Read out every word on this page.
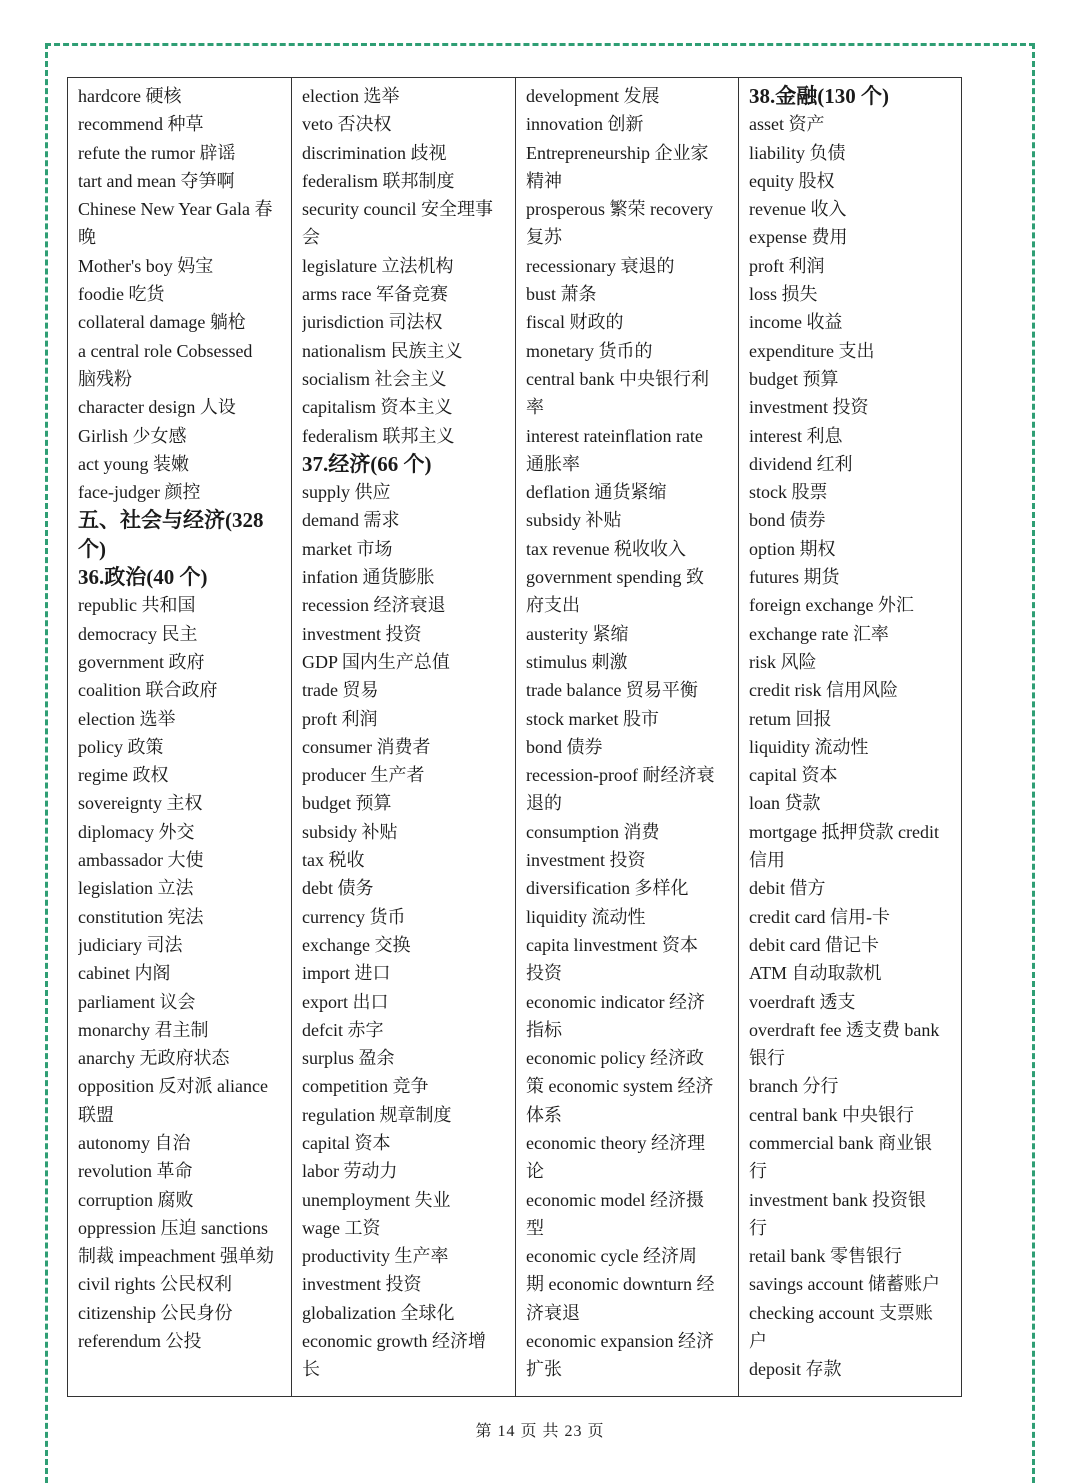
hardcore 硬核
recommend 种草
refute the rumor 辟谣
tart and mean 夺笋啊
Chinese New Year Gala 春
晚
Mother's boy 妈宝
foodie 吃货
collateral damage 躺枪
a central role Cobsessed
脑残粉
character design 人设
Girlish 少女感
act young 装嫩
face-judger 颜控
五、社会与经济(328
个)
36.政治(40 个)
republic 共和国
democracy 民主
government 政府
coalition 联合政府
election 选举
policy 政策
regime 政权
sovereignty 主权
diplomacy 外交
ambassador 大使
legislation 立法
constitution 宪法
judiciary 司法
cabinet 内阁
parliament 议会
monarchy 君主制
anarchy 无政府状态
opposition 反对派 aliance
联盟
autonomy 自治
revolution 革命
corruption 腐败
oppression 压迫 sanctions
制裁 impeachment 强单劾
civil rights 公民权利
citizenship 公民身份
referendum 公投
election 选举
veto 否决权
discrimination 歧视
federalism 联邦制度
security council 安全理事
会
legislature 立法机构
arms race 军备竞赛
jurisdiction 司法权
nationalism 民族主义
socialism 社会主义
capitalism 资本主义
federalism 联邦主义
37.经济(66 个)
supply 供应
demand 需求
market 市场
infation 通货膨胀
recession 经济衰退
investment 投资
GDP 国内生产总值
trade 贸易
proft 利润
consumer 消费者
producer 生产者
budget 预算
subsidy 补贴
tax 税收
debt 债务
currency 货币
exchange 交换
import 进口
export 出口
defcit 赤字
surplus 盈余
competition 竞争
regulation 规章制度
capital 资本
labor 劳动力
unemployment 失业
wage 工资
productivity 生产率
investment 投资
globalization 全球化
economic growth 经济增
长
development 发展
innovation 创新
Entrepreneurship 企业家
精神
prosperous 繁荣 recovery
复苏
recessionary 衰退的
bust 萧条
fiscal 财政的
monetary 货币的
central bank 中央银行利
率
interest rateinflation rate
通胀率
deflation 通货紧缩
subsidy 补贴
tax revenue 税收收入
government spending 致
府支出
austerity 紧缩
stimulus 刺激
trade balance 贸易平衡
stock market 股市
bond 债券
recession-proof 耐经济衰
退的
consumption 消费
investment 投资
diversification 多样化
liquidity 流动性
capita linvestment 资本
投资
economic indicator 经济
指标
economic policy 经济政
策 economic system 经济
体系
economic theory 经济理
论
economic model 经济摄
型
economic cycle 经济周
期 economic downturn 经
济衰退
economic expansion 经济
扩张
38.金融(130 个)
asset 资产
liability 负债
equity 股权
revenue 收入
expense 费用
proft 利润
loss 损失
income 收益
expenditure 支出
budget 预算
investment 投资
interest 利息
dividend 红利
stock 股票
bond 债券
option 期权
futures 期货
foreign exchange 外汇
exchange rate 汇率
risk 风险
credit risk 信用风险
retum 回报
liquidity 流动性
capital 资本
loan 贷款
mortgage 抵押贷款 credit
信用
debit 借方
credit card 信用-卡
debit card 借记卡
ATM 自动取款机
voerdraft 透支
overdraft fee 透支费 bank
银行
branch 分行
central bank 中央银行
commercial bank 商业银
行
investment bank 投资银
行
retail bank 零售银行
savings account 储蓄账户
checking account 支票账
户
deposit 存款
第 14 页 共 23 页
